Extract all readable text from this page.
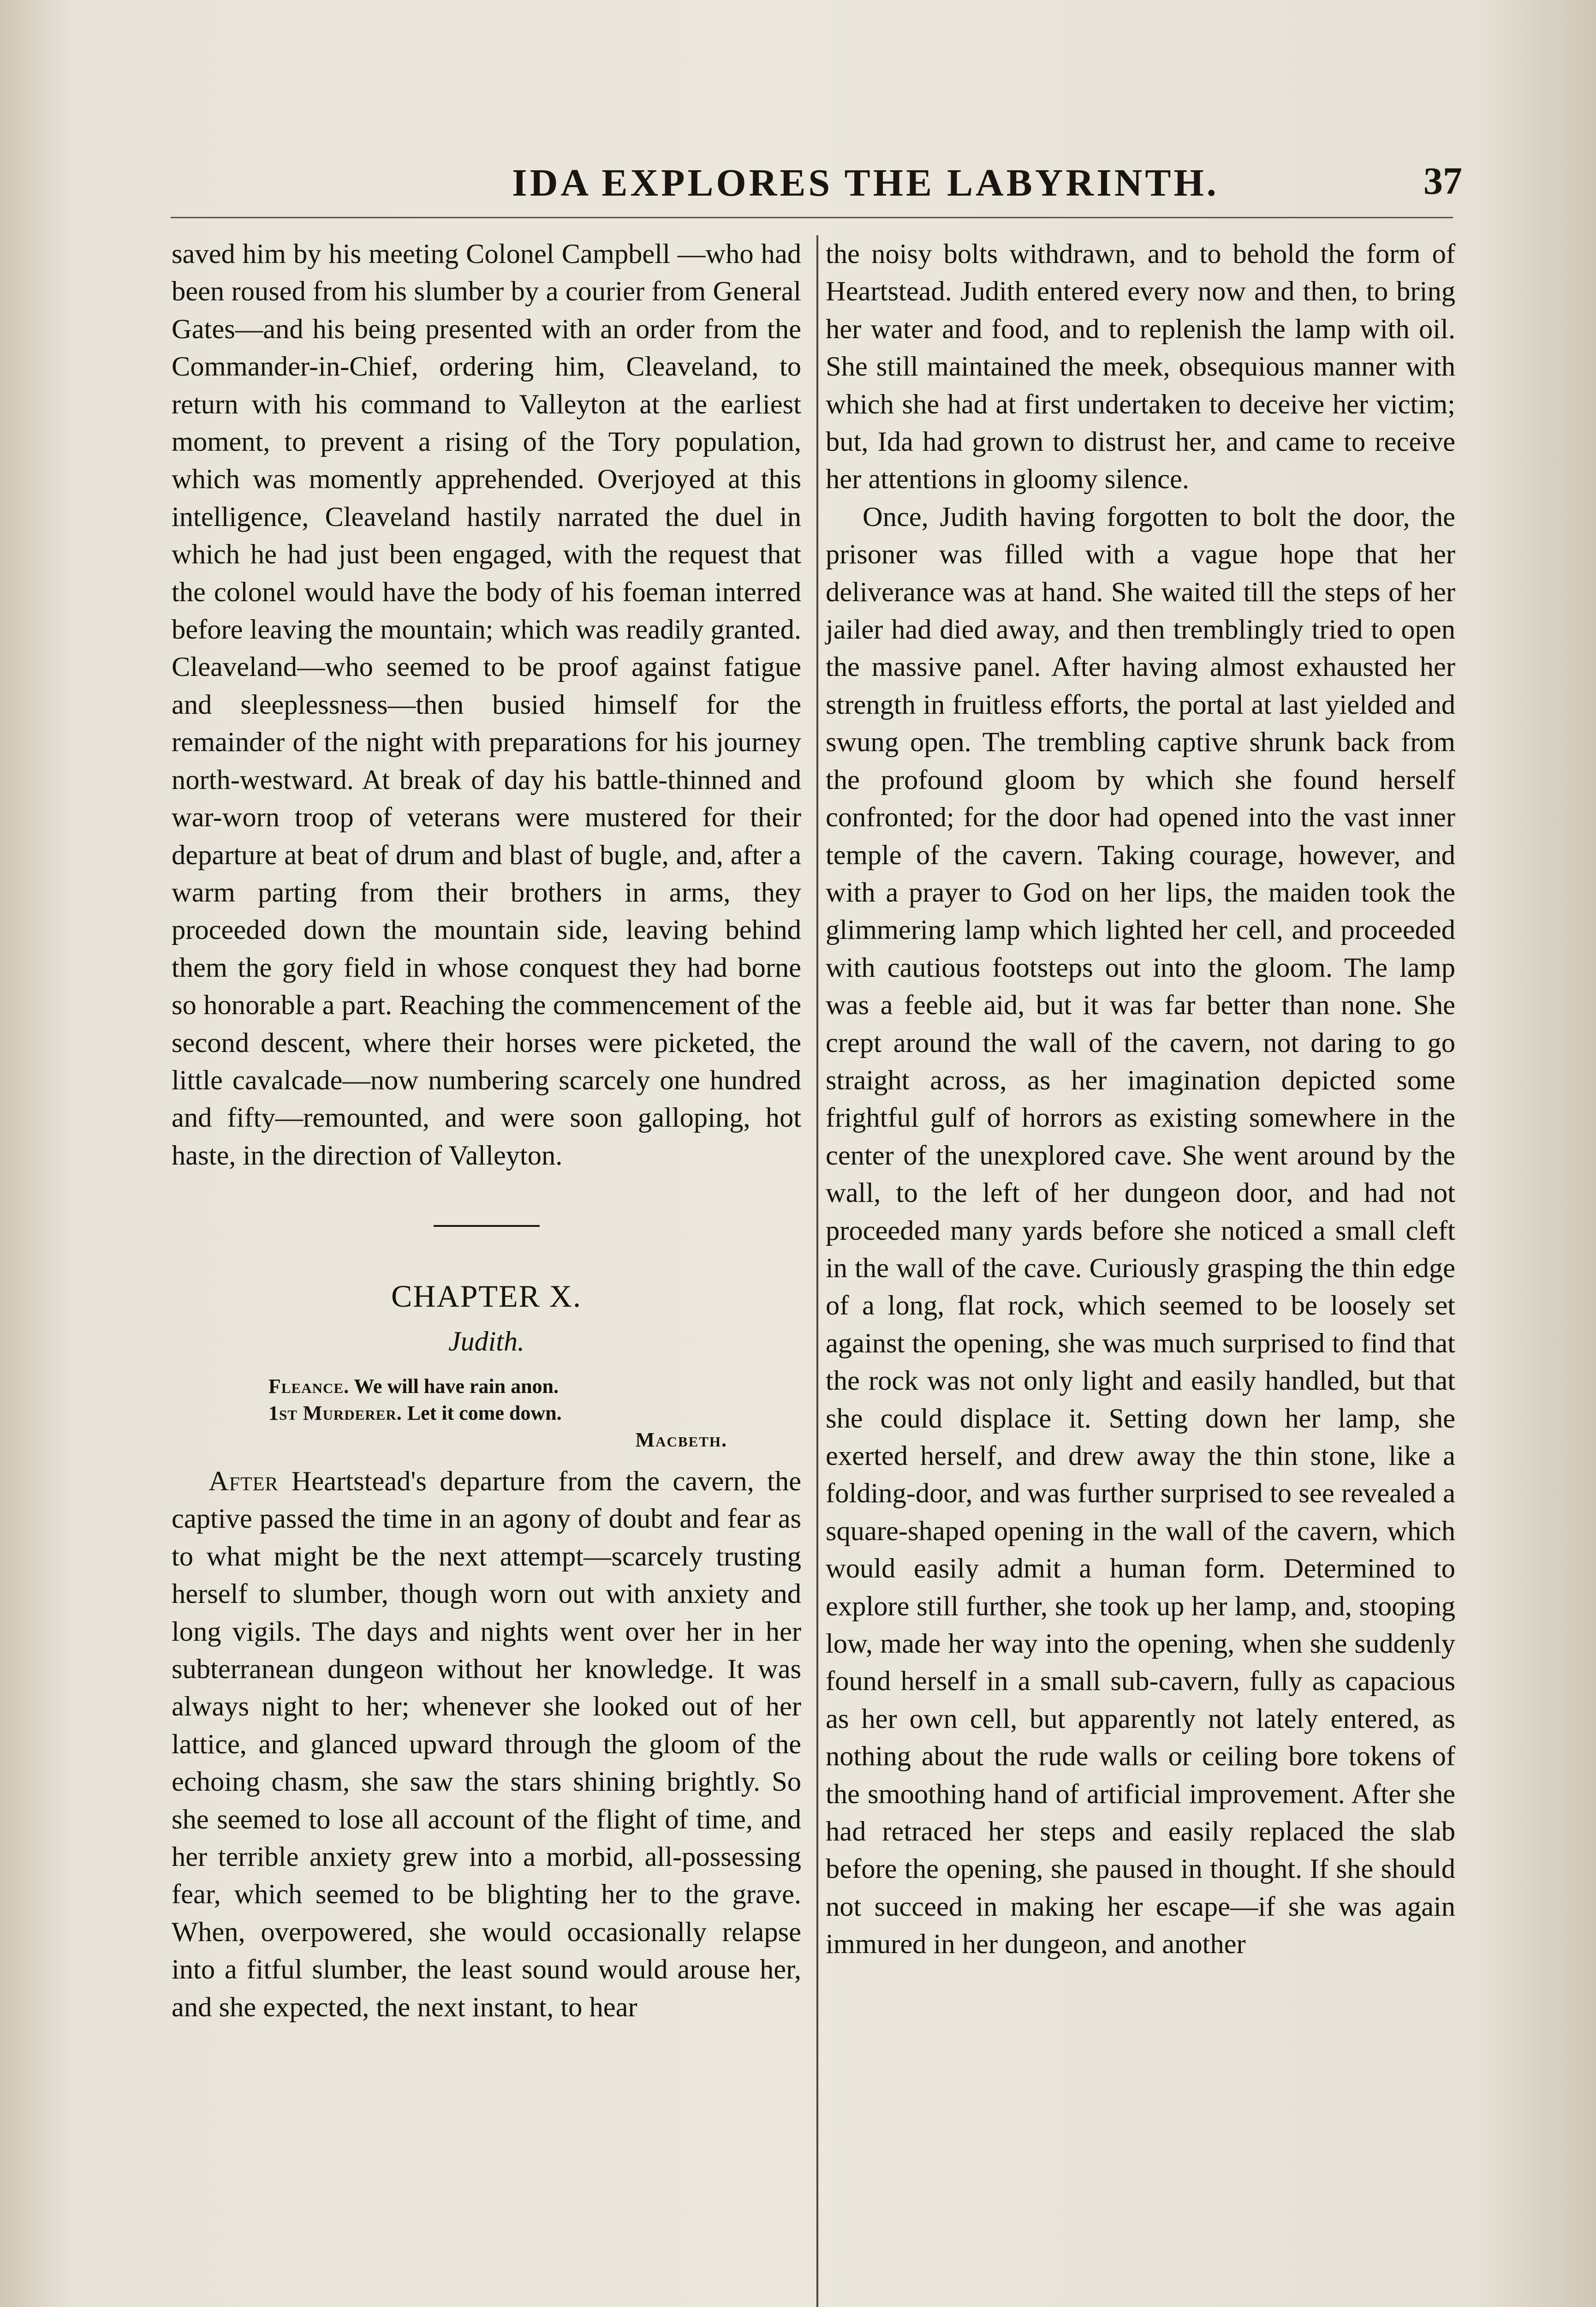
IDA EXPLORES THE LABYRINTH.	37

saved him by his meeting Colonel Campbell —who had been roused from his slumber by a courier from General Gates—and his being presented with an order from the Commander-in-Chief, ordering him, Cleaveland, to return with his command to Valleyton at the earliest moment, to prevent a rising of the Tory population, which was momently apprehended. Overjoyed at this intelligence, Cleaveland hastily narrated the duel in which he had just been engaged, with the request that the colonel would have the body of his foeman interred before leaving the mountain; which was readily granted. Cleaveland—who seemed to be proof against fatigue and sleeplessness—then busied himself for the remainder of the night with preparations for his journey north-westward. At break of day his battle-thinned and war-worn troop of veterans were mustered for their departure at beat of drum and blast of bugle, and, after a warm parting from their brothers in arms, they proceeded down the mountain side, leaving behind them the gory field in whose conquest they had borne so honorable a part. Reaching the commencement of the second descent, where their horses were picketed, the little cavalcade—now numbering scarcely one hundred and fifty—remounted, and were soon galloping, hot haste, in the direction of Valleyton.

CHAPTER X.
Judith.
Fleance. We will have rain anon.
1st Murderer. Let it come down.
Macbeth.

After Heartstead's departure from the cavern, the captive passed the time in an agony of doubt and fear as to what might be the next attempt—scarcely trusting herself to slumber, though worn out with anxiety and long vigils. The days and nights went over her in her subterranean dungeon without her knowledge. It was always night to her; whenever she looked out of her lattice, and glanced upward through the gloom of the echoing chasm, she saw the stars shining brightly. So she seemed to lose all account of the flight of time, and her terrible anxiety grew into a morbid, all-possessing fear, which seemed to be blighting her to the grave. When, overpowered, she would occasionally relapse into a fitful slumber, the least sound would arouse her, and she expected, the next instant, to hear

the noisy bolts withdrawn, and to behold the form of Heartstead. Judith entered every now and then, to bring her water and food, and to replenish the lamp with oil. She still maintained the meek, obsequious manner with which she had at first undertaken to deceive her victim; but, Ida had grown to distrust her, and came to receive her attentions in gloomy silence.

Once, Judith having forgotten to bolt the door, the prisoner was filled with a vague hope that her deliverance was at hand. She waited till the steps of her jailer had died away, and then tremblingly tried to open the massive panel. After having almost exhausted her strength in fruitless efforts, the portal at last yielded and swung open. The trembling captive shrunk back from the profound gloom by which she found herself confronted; for the door had opened into the vast inner temple of the cavern. Taking courage, however, and with a prayer to God on her lips, the maiden took the glimmering lamp which lighted her cell, and proceeded with cautious footsteps out into the gloom. The lamp was a feeble aid, but it was far better than none. She crept around the wall of the cavern, not daring to go straight across, as her imagination depicted some frightful gulf of horrors as existing somewhere in the center of the unexplored cave. She went around by the wall, to the left of her dungeon door, and had not proceeded many yards before she noticed a small cleft in the wall of the cave. Curiously grasping the thin edge of a long, flat rock, which seemed to be loosely set against the opening, she was much surprised to find that the rock was not only light and easily handled, but that she could displace it. Setting down her lamp, she exerted herself, and drew away the thin stone, like a folding-door, and was further surprised to see revealed a square-shaped opening in the wall of the cavern, which would easily admit a human form. Determined to explore still further, she took up her lamp, and, stooping low, made her way into the opening, when she suddenly found herself in a small sub-cavern, fully as capacious as her own cell, but apparently not lately entered, as nothing about the rude walls or ceiling bore tokens of the smoothing hand of artificial improvement. After she had retraced her steps and easily replaced the slab before the opening, she paused in thought. If she should not succeed in making her escape—if she was again immured in her dungeon, and another
